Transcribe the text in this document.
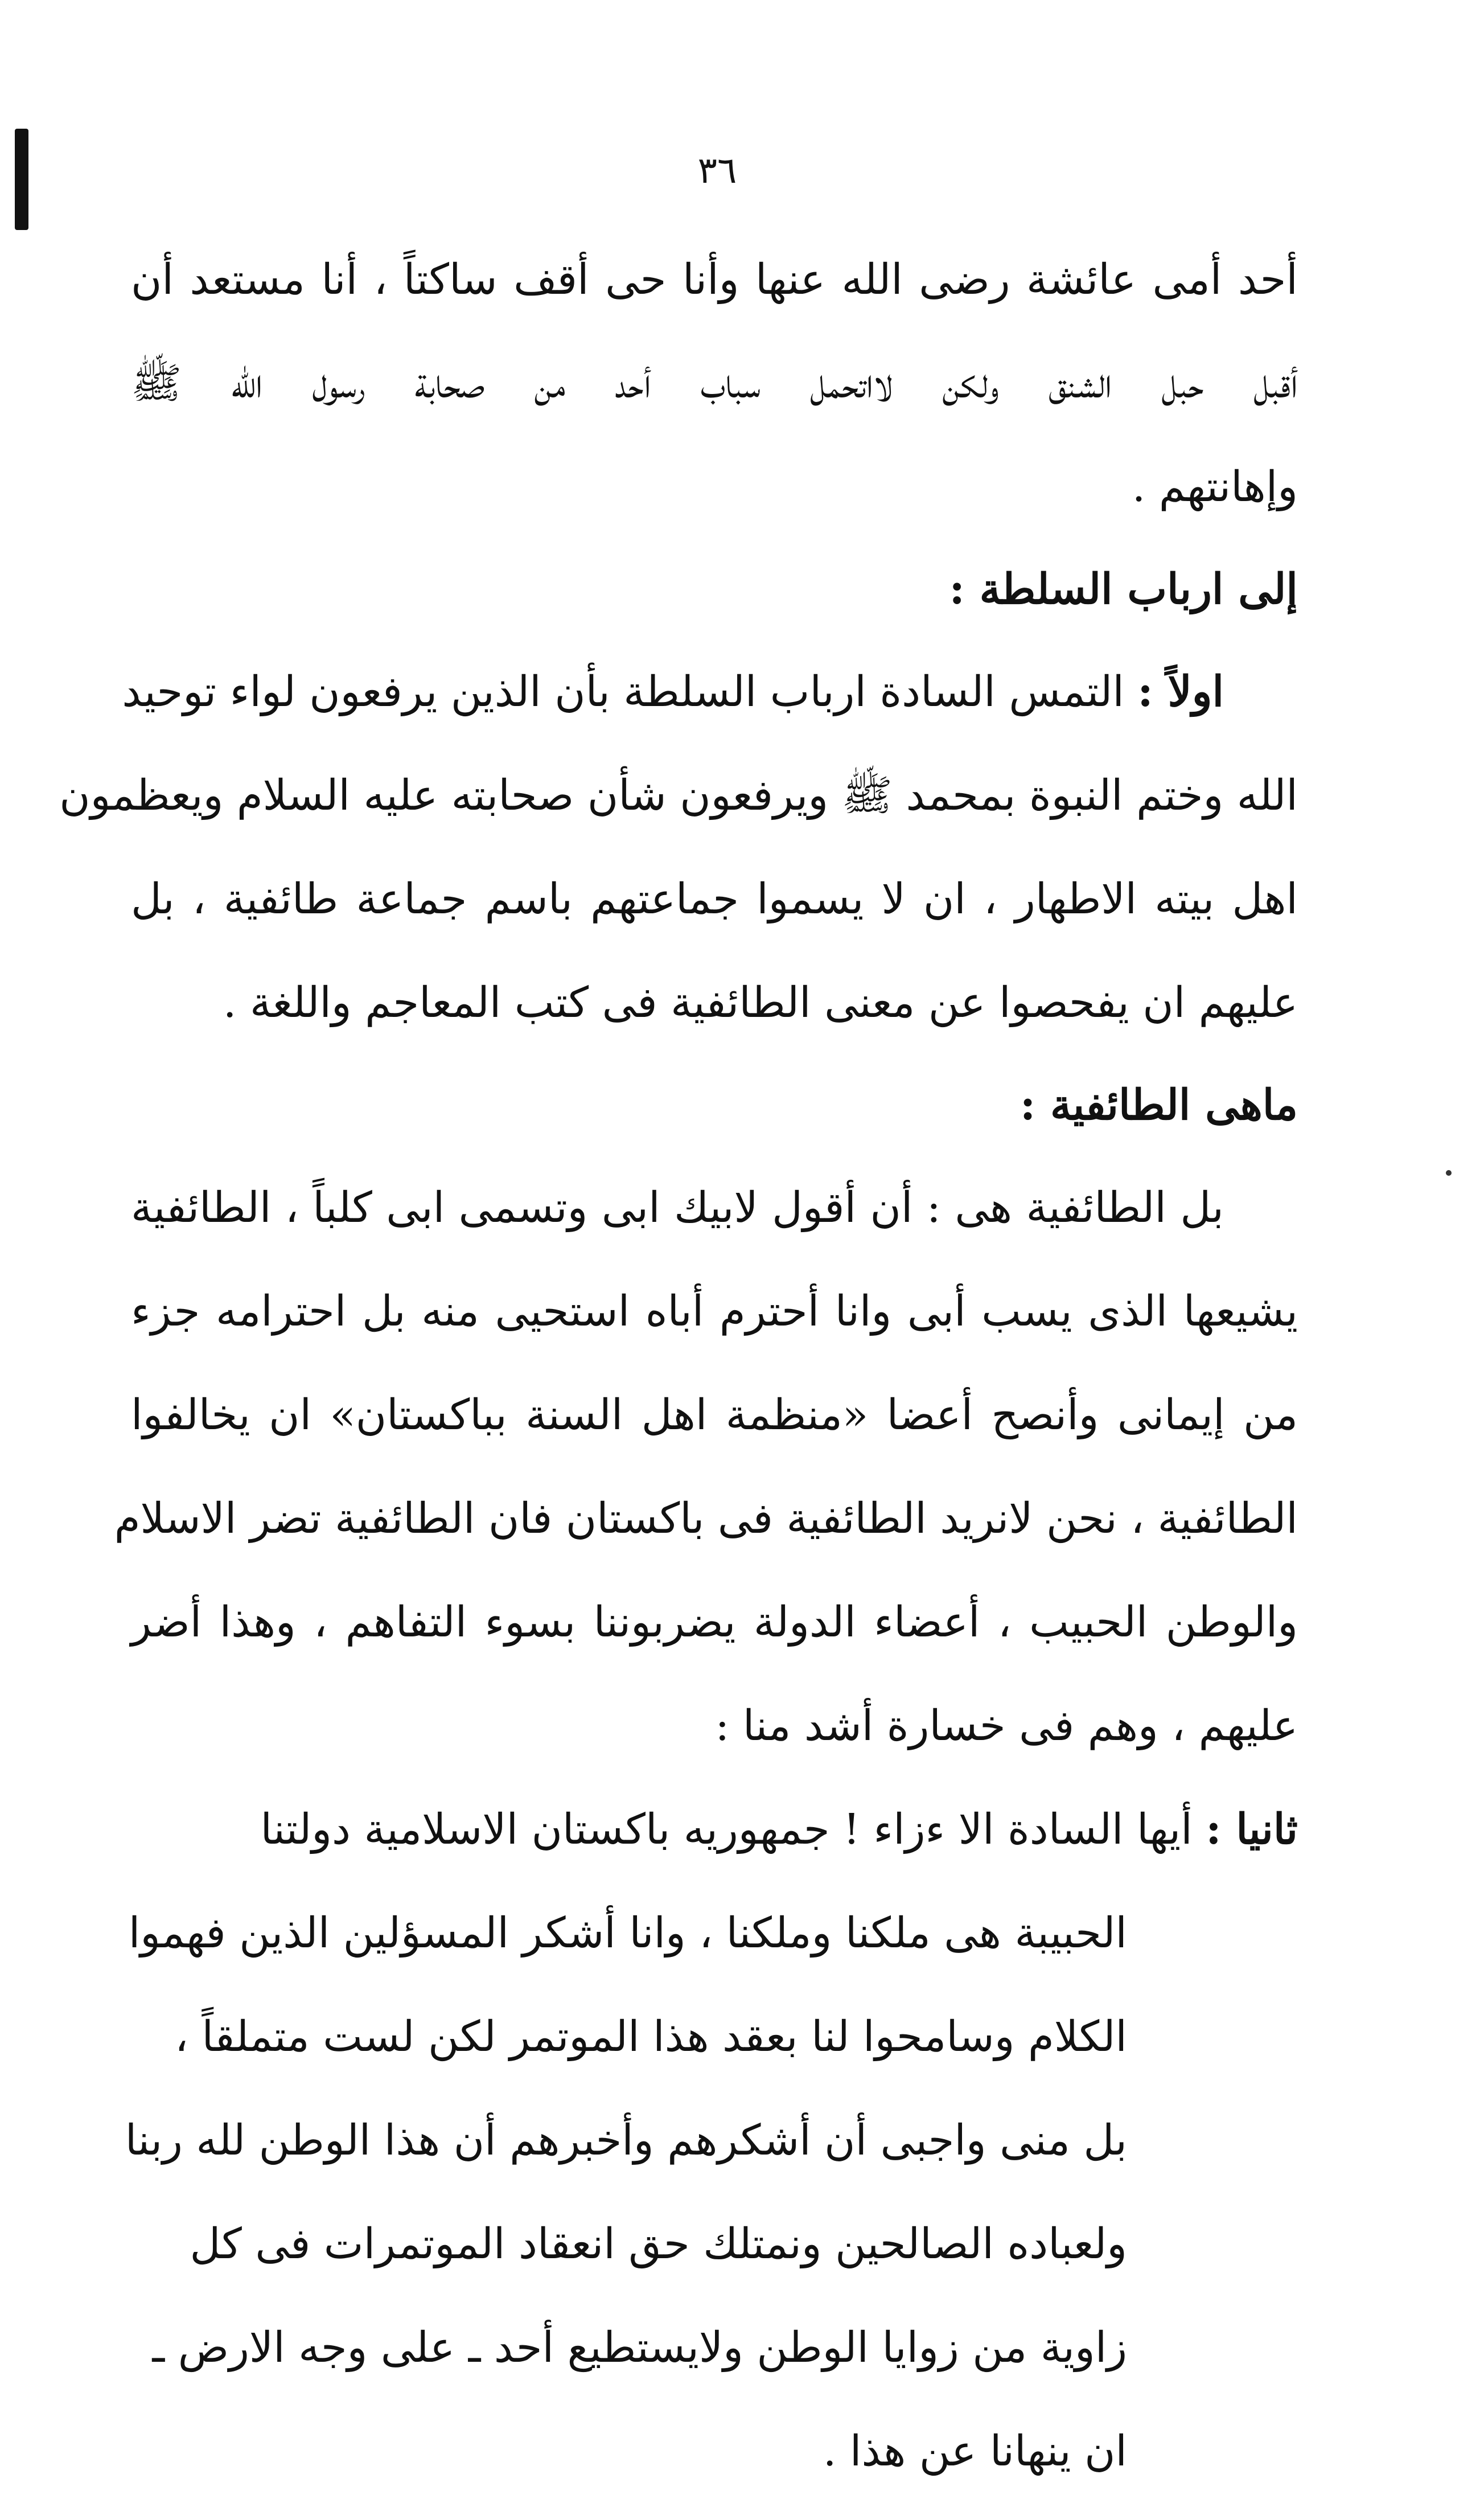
٣٦
أحد أمى عائشة رضى الله عنها وأنا حى أقف ساكتاً ، أنا مستعد أن
أقبل حبل الشنق ولكن لااتحمل سباب أحد من صحابة رسول الله ﷺ
وإهانتهم .
إلى ارباب السلطة :
اولاً : التمس السادة ارباب السلطة بأن الذين يرفعون لواء توحيد
الله وختم النبوة بمحمد ﷺ ويرفعون شأن صحابته عليه السلام ويعظمون
اهل بيته الاطهار ، ان لا يسموا جماعتهم باسم جماعة طائفية ، بل
عليهم ان يفحصوا عن معنى الطائفية فى كتب المعاجم واللغة .
ماهى الطائفية :
بل الطائفية هى : أن أقول لابيك ابى وتسمى ابى كلباً ، الطائفية
يشيعها الذى يسب أبى وانا أحترم أباه استحيى منه بل احترامه جزء
من إيمانى وأنصح أعضا «منظمة اهل السنة بباكستان» ان يخالفوا
الطائفية ، نحن لانريد الطائفية فى باكستان فان الطائفية تضر الاسلام
والوطن الحبيب ، أعضاء الدولة يضربوننا بسوء التفاهم ، وهذا أضر
عليهم ، وهم فى خسارة أشد منا :
ثانيا : أيها السادة الا ءزاء ! جمهوريه باكستان الاسلامية دولتنا
الحبيبة هى ملكنا وملكنا ، وانا أشكر المسؤلين الذين فهموا
الكلام وسامحوا لنا بعقد هذا الموتمر لكن لست متملقاً ،
بل منى واجبى أن أشكرهم وأخبرهم أن هذا الوطن لله ربنا
ولعباده الصالحين ونمتلك حق انعقاد الموتمرات فى كل
زاوية من زوايا الوطن ولايستطيع أحد ـ على وجه الارض ـ
ان ينهانا عن هذا .
